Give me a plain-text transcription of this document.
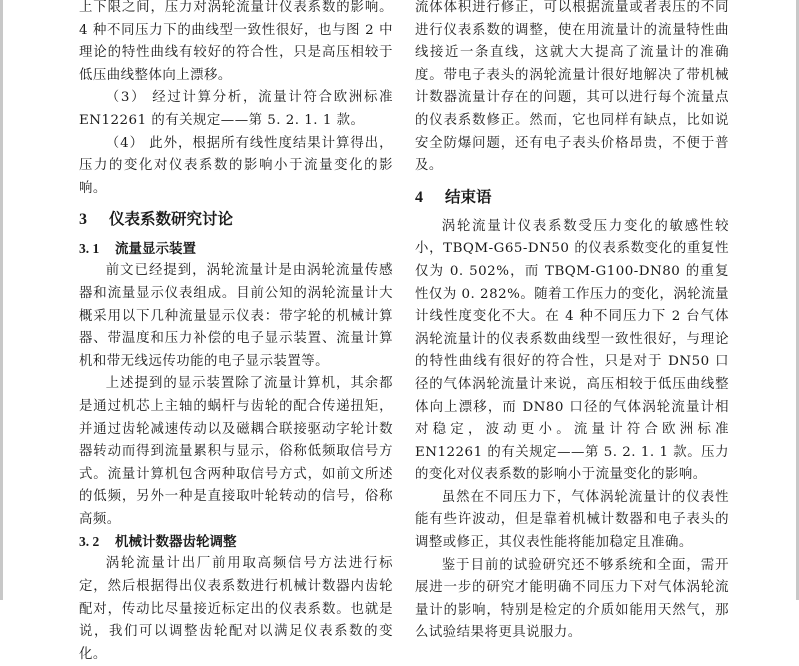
上下限之间，压力对涡轮流量计仪表系数的影响。4 种不同压力下的曲线型一致性很好，也与图 2 中理论的特性曲线有较好的符合性，只是高压相较于低压曲线整体向上漂移。

（3） 经过计算分析，流量计符合欧洲标准 EN12261 的有关规定——第 5. 2. 1. 1 款。

（4） 此外，根据所有线性度结果计算得出，压力的变化对仪表系数的影响小于流量变化的影响。

3 仪表系数研究讨论
3. 1 流量显示装置

前文已经提到，涡轮流量计是由涡轮流量传感器和流量显示仪表组成。目前公知的涡轮流量计大概采用以下几种流量显示仪表：带字轮的机械计算器、带温度和压力补偿的电子显示装置、流量计算机和带无线远传功能的电子显示装置等。

上述提到的显示装置除了流量计算机，其余都是通过机芯上主轴的蜗杆与齿轮的配合传递扭矩，并通过齿轮减速传动以及磁耦合联接驱动字轮计数器转动而得到流量累积与显示，俗称低频取信号方式。流量计算机包含两种取信号方式，如前文所述的低频，另外一种是直接取叶轮转动的信号，俗称高频。

3. 2 机械计数器齿轮调整

涡轮流量计出厂前用取高频信号方法进行标定，然后根据得出仪表系数进行机械计数器内齿轮配对，传动比尽量接近标定出的仪表系数。也就是说，我们可以调整齿轮配对以满足仪表系数的变化。

流体体积进行修正，可以根据流量或者表压的不同进行仪表系数的调整，使在用流量计的流量特性曲线接近一条直线，这就大大提高了流量计的准确度。带电子表头的涡轮流量计很好地解决了带机械计数器流量计存在的问题，其可以进行每个流量点的仪表系数修正。然而，它也同样有缺点，比如说安全防爆问题，还有电子表头价格昂贵，不便于普及。

4 结束语

涡轮流量计仪表系数受压力变化的敏感性较小，TBQM-G65-DN50 的仪表系数变化的重复性仅为 0. 502%，而 TBQM-G100-DN80 的重复性仅为 0. 282%。随着工作压力的变化，涡轮流量计线性度变化不大。在 4 种不同压力下 2 台气体涡轮流量计的仪表系数曲线型一致性很好，与理论的特性曲线有很好的符合性，只是对于 DN50 口径的气体涡轮流量计来说，高压相较于低压曲线整体向上漂移，而 DN80 口径的气体涡轮流量计相对稳定，波动更小。流量计符合欧洲标准 EN12261 的有关规定——第 5. 2. 1. 1 款。压力的变化对仪表系数的影响小于流量变化的影响。

虽然在不同压力下，气体涡轮流量计的仪表性能有些许波动，但是靠着机械计数器和电子表头的调整或修正，其仪表性能将能加稳定且准确。

鉴于目前的试验研究还不够系统和全面，需开展进一步的研究才能明确不同压力下对气体涡轮流量计的影响，特别是检定的介质如能用天然气，那么试验结果将更具说服力。
